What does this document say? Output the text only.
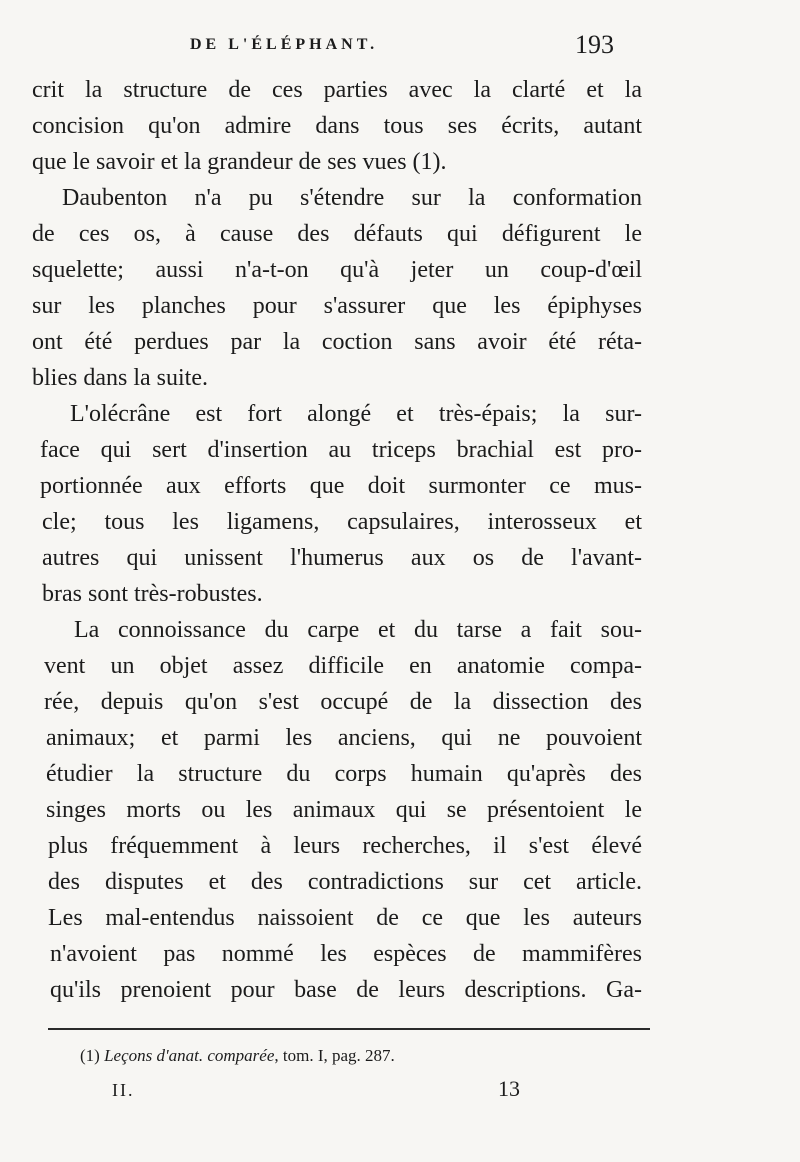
DE L'ÉLÉPHANT.	193
crit la structure de ces parties avec la clarté et la
concision qu'on admire dans tous ses écrits, autant
que le savoir et la grandeur de ses vues (1).
Daubenton n'a pu s'étendre sur la conformation
de ces os, à cause des défauts qui défigurent le
squelette; aussi n'a-t-on qu'à jeter un coup-d'œil
sur les planches pour s'assurer que les épiphyses
ont été perdues par la coction sans avoir été réta-
blies dans la suite.
L'olécrâne est fort alongé et très-épais; la sur-
face qui sert d'insertion au triceps brachial est pro-
portionnée aux efforts que doit surmonter ce mus-
cle; tous les ligamens, capsulaires, interosseux et
autres qui unissent l'humerus aux os de l'avant-
bras sont très-robustes.
La connoissance du carpe et du tarse a fait sou-
vent un objet assez difficile en anatomie compa-
rée, depuis qu'on s'est occupé de la dissection des
animaux; et parmi les anciens, qui ne pouvoient
étudier la structure du corps humain qu'après des
singes morts ou les animaux qui se présentoient le
plus fréquemment à leurs recherches, il s'est élevé
des disputes et des contradictions sur cet article.
Les mal-entendus naissoient de ce que les auteurs
n'avoient pas nommé les espèces de mammifères
qu'ils prenoient pour base de leurs descriptions. Ga-
(1) Leçons d'anat. comparée, tom. I, pag. 287.
II.	13
